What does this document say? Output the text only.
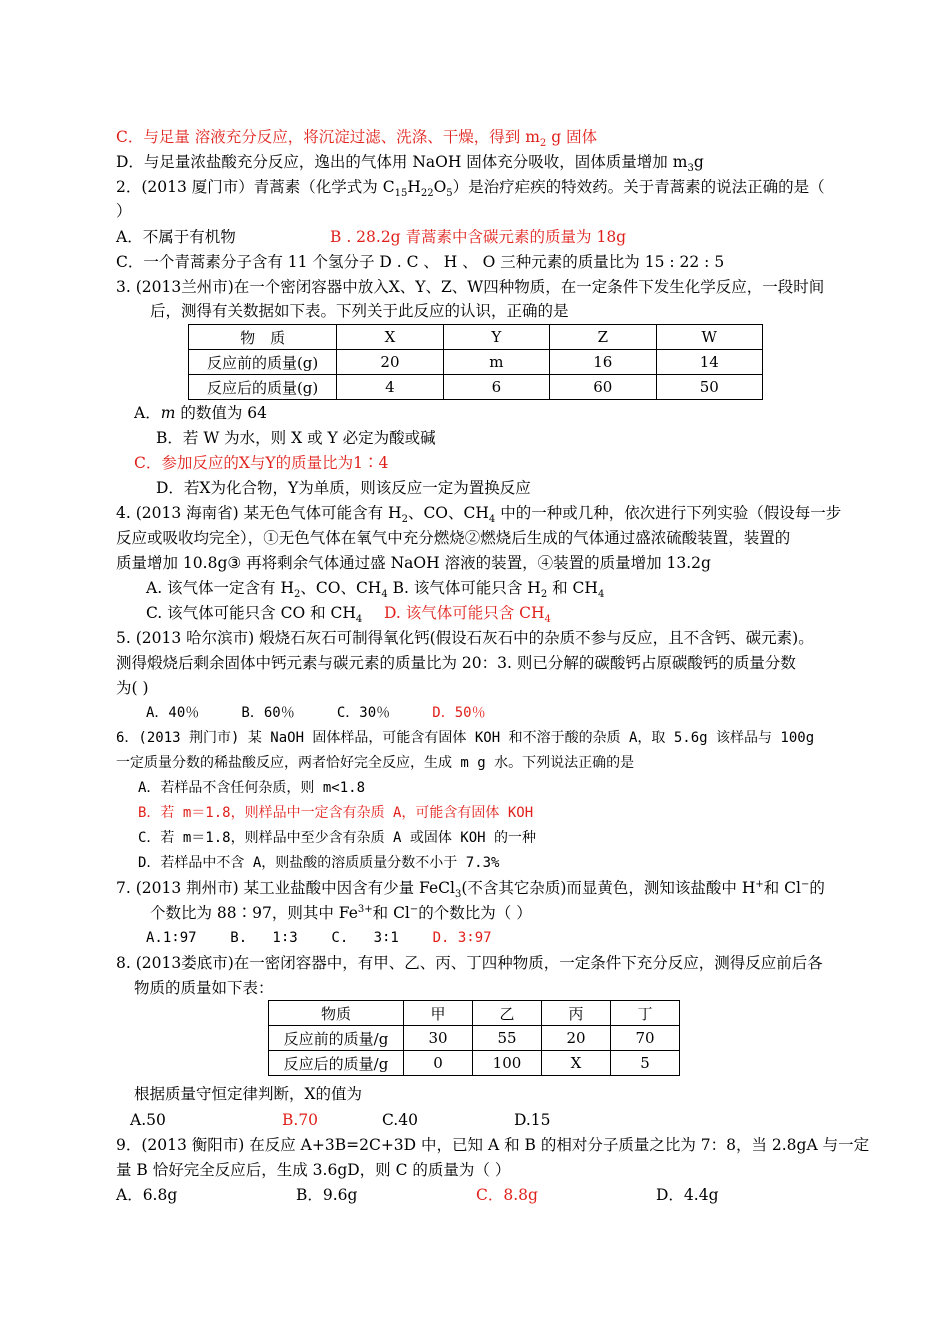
C．与足量 溶液充分反应，将沉淀过滤、洗涤、干燥，得到 $m_2$ g 固体
D．与足量浓盐酸充分反应，逸出的气体用 NaOH 固体充分吸收，固体质量增加 $m_3g$
2．(2013 厦门市）青蒿素（化学式为 $C_{15}H_{22}O_5$）是治疗疟疾的特效药。关于青蒿素的说法正确的是（
）
A．不属于有机物	B . 28.2g 青蒿素中含碳元素的质量为 18g
C．一个青蒿素分子含有 11 个氢分子 D . C 、 H 、 O 三种元素的质量比为 15 : 22 : 5
3. (2013兰州市)在一个密闭容器中放入X、Y、Z、W四种物质，在一定条件下发生化学反应，一段时间
后，测得有关数据如下表。下列关于此反应的认识，正确的是
物　质	X	Y	Z	W
反应前的质量(g)	20	m	16	14
反应后的质量(g)	4	6	60	50
A．m 的数值为 64
B．若 W 为水，则 X 或 Y 必定为酸或碱
C．参加反应的X与Y的质量比为1∶4
D．若X为化合物，Y为单质，则该反应一定为置换反应
4. (2013 海南省) 某无色气体可能含有 $H_2$、CO、$CH_4$ 中的一种或几种，依次进行下列实验（假设每一步
反应或吸收均完全），①无色气体在氧气中充分燃烧②燃烧后生成的气体通过盛浓硫酸装置，装置的
质量增加 10.8g③ 再将剩余气体通过盛 NaOH 溶液的装置，④装置的质量增加 13.2g
A. 该气体一定含有 $H_2$、CO、$CH_4$ B. 该气体可能只含 $H_2$ 和 $CH_4$
C. 该气体可能只含 CO 和 $CH_4$ D. 该气体可能只含 $CH_4$
5. (2013 哈尔滨市) 煅烧石灰石可制得氧化钙(假设石灰石中的杂质不参与反应，且不含钙、碳元素)。
测得煅烧后剩余固体中钙元素与碳元素的质量比为 20：3. 则已分解的碳酸钙占原碳酸钙的质量分数
为( )
A．40％     B．60％     C．30％     D．50％
6．(2013 荆门市) 某 NaOH 固体样品，可能含有固体 KOH 和不溶于酸的杂质 A，取 5.6g 该样品与 100g
一定质量分数的稀盐酸反应，两者恰好完全反应，生成 m g 水。下列说法正确的是
A．若样品不含任何杂质，则 m<1.8
B．若 m＝1.8，则样品中一定含有杂质 A，可能含有固体 KOH
C．若 m＝1.8，则样品中至少含有杂质 A 或固体 KOH 的一种
D．若样品中不含 A，则盐酸的溶质质量分数不小于 7.3%
7. (2013 荆州市) 某工业盐酸中因含有少量 FeCl$_3$(不含其它杂质)而显黄色，测知该盐酸中 H+和 Cl−的
个数比为 88∶97，则其中 $Fe^{3+}$和 Cl−的个数比为（ ）
A.1∶97    B.   1∶3    C.   3∶1    D. 3∶97
8. (2013娄底市)在一密闭容器中，有甲、乙、丙、丁四种物质，一定条件下充分反应，测得反应前后各
物质的质量如下表：
物质	甲	乙	丙	丁
反应前的质量/g	30	55	20	70
反应后的质量/g	0	100	X	5
根据质量守恒定律判断，X的值为
A.50	B.70	C.40	D.15
9．(2013 衡阳市) 在反应 A+3B=2C+3D 中，已知 A 和 B 的相对分子质量之比为 7：8，当 2.8gA 与一定
量 B 恰好完全反应后，生成 3.6gD，则 C 的质量为（ ）
A．6.8g	B．9.6g	C．8.8g	D．4.4g
